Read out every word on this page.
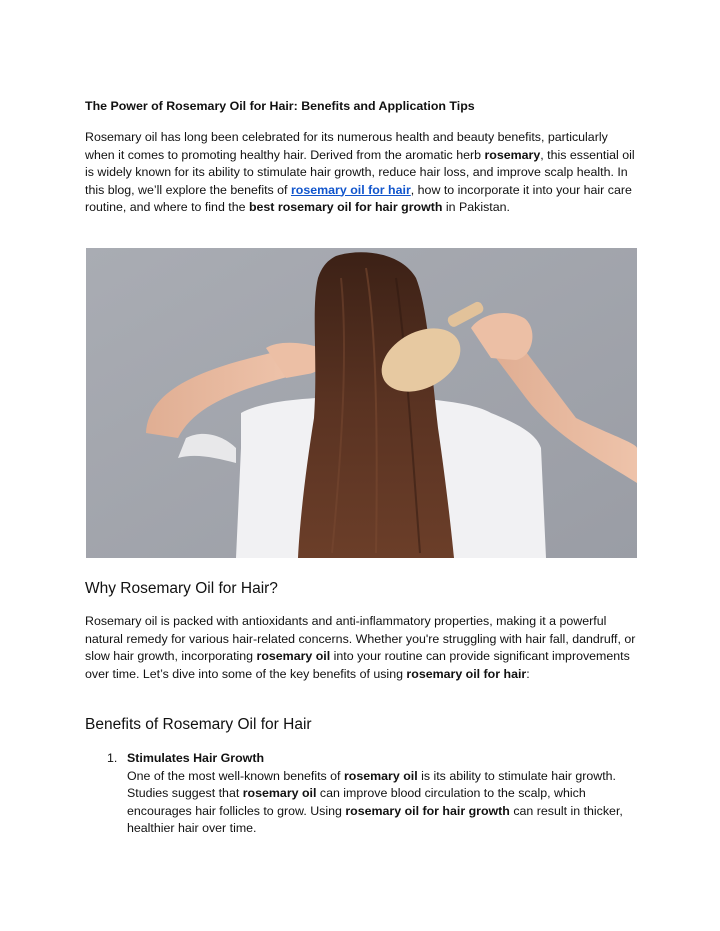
The Power of Rosemary Oil for Hair: Benefits and Application Tips

Rosemary oil has long been celebrated for its numerous health and beauty benefits, particularly when it comes to promoting healthy hair. Derived from the aromatic herb rosemary, this essential oil is widely known for its ability to stimulate hair growth, reduce hair loss, and improve scalp health. In this blog, we’ll explore the benefits of rosemary oil for hair, how to incorporate it into your hair care routine, and where to find the best rosemary oil for hair growth in Pakistan.

Why Rosemary Oil for Hair?

Rosemary oil is packed with antioxidants and anti-inflammatory properties, making it a powerful natural remedy for various hair-related concerns. Whether you're struggling with hair fall, dandruff, or slow hair growth, incorporating rosemary oil into your routine can provide significant improvements over time. Let’s dive into some of the key benefits of using rosemary oil for hair:

Benefits of Rosemary Oil for Hair
1. Stimulates Hair Growth

One of the most well-known benefits of rosemary oil is its ability to stimulate hair growth. Studies suggest that rosemary oil can improve blood circulation to the scalp, which encourages hair follicles to grow. Using rosemary oil for hair growth can result in thicker, healthier hair over time.
